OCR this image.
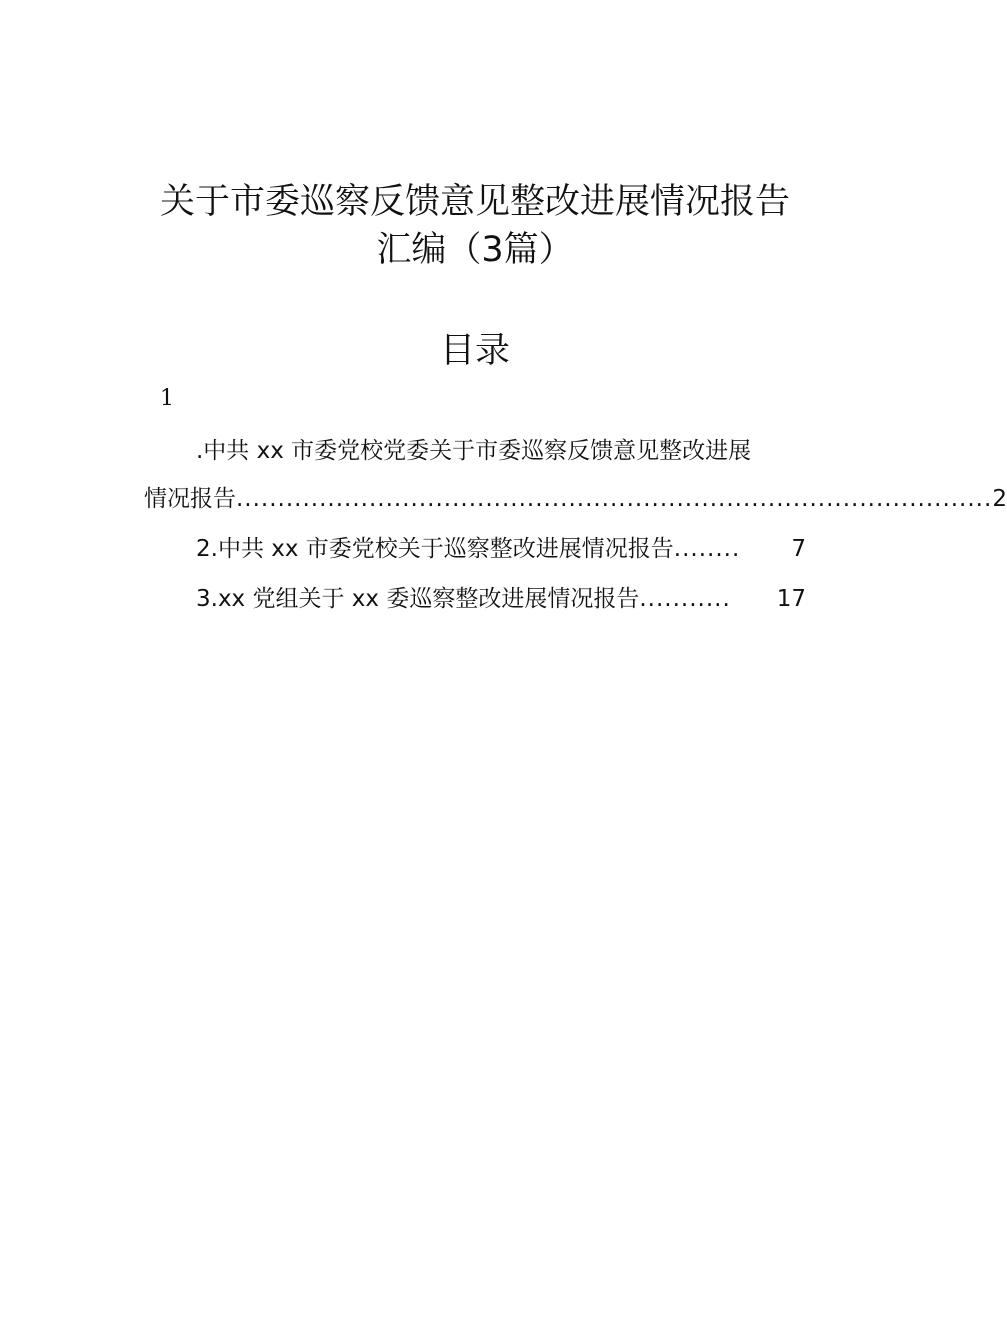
关于市委巡察反馈意见整改进展情况报告
汇编（3篇）
目录
1
.中共 xx 市委党校党委关于市委巡察反馈意见整改进展
情况报告 ........................................................................................... 2
2.中共 xx 市委党校关于巡察整改进展情况报告 ........	7
3.xx 党组关于 xx 委巡察整改进展情况报告 ...........	17
